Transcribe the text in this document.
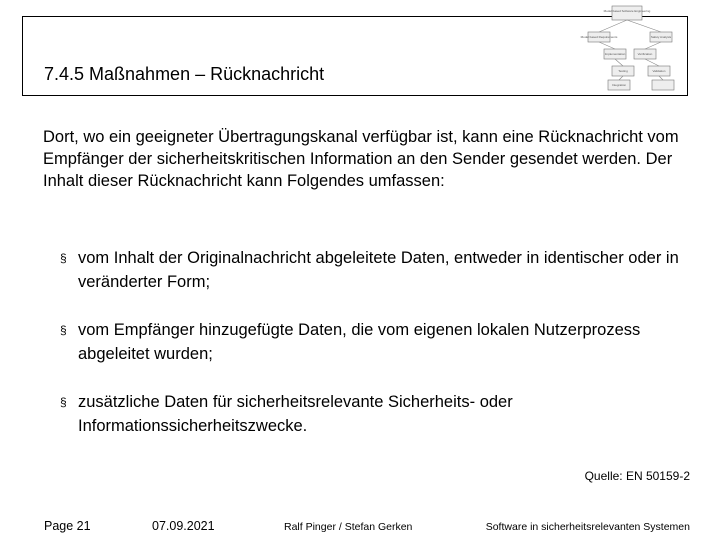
7.4.5 Maßnahmen – Rücknachricht
Model based Software Engineering
Model based Requirements	Safety Analysis
Implementation	Verification
Testing	Validation
Integration

Dort, wo ein geeigneter Übertragungskanal verfügbar ist, kann eine Rücknachricht vom Empfänger der sicherheitskritischen Information an den Sender gesendet werden. Der Inhalt dieser Rücknachricht kann Folgendes umfassen:

§ vom Inhalt der Originalnachricht abgeleitete Daten, entweder in identischer oder in veränderter Form;
§ vom Empfänger hinzugefügte Daten, die vom eigenen lokalen Nutzerprozess abgeleitet wurden;
§ zusätzliche Daten für sicherheitsrelevante Sicherheits- oder Informationssicherheitszwecke.
Quelle: EN 50159-2
Page 21	07.09.2021	Ralf Pinger / Stefan Gerken	Software in sicherheitsrelevanten Systemen
